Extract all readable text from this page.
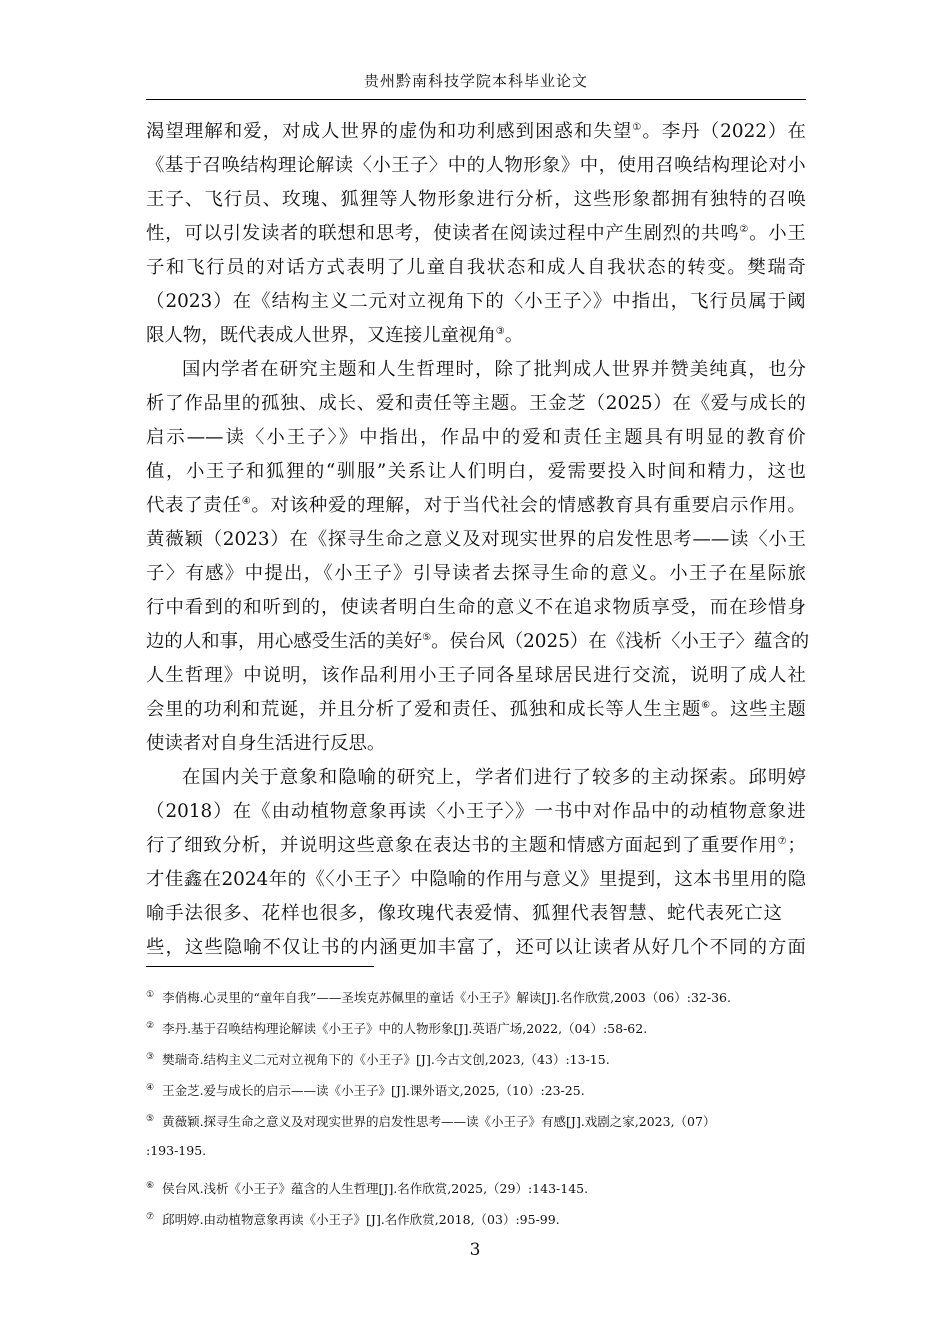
贵州黔南科技学院本科毕业论文
渴望理解和爱，对成人世界的虚伪和功利感到困惑和失望①。李丹（2022）在
《基于召唤结构理论解读〈小王子〉中的人物形象》中，使用召唤结构理论对小
王子、飞行员、玫瑰、狐狸等人物形象进行分析，这些形象都拥有独特的召唤
性，可以引发读者的联想和思考，使读者在阅读过程中产生剧烈的共鸣②。小王
子和飞行员的对话方式表明了儿童自我状态和成人自我状态的转变。樊瑞奇
（2023）在《结构主义二元对立视角下的〈小王子〉》中指出，飞行员属于阈
限人物，既代表成人世界，又连接儿童视角③。
国内学者在研究主题和人生哲理时，除了批判成人世界并赞美纯真，也分
析了作品里的孤独、成长、爱和责任等主题。王金芝（2025）在《爱与成长的
启示——读〈小王子〉》中指出，作品中的爱和责任主题具有明显的教育价
值，小王子和狐狸的“驯服”关系让人们明白，爱需要投入时间和精力，这也
代表了责任④。对该种爱的理解，对于当代社会的情感教育具有重要启示作用。
黄薇颖（2023）在《探寻生命之意义及对现实世界的启发性思考——读〈小王
子〉有感》中提出，《小王子》引导读者去探寻生命的意义。小王子在星际旅
行中看到的和听到的，使读者明白生命的意义不在追求物质享受，而在珍惜身
边的人和事，用心感受生活的美好⑤。侯台风（2025）在《浅析〈小王子〉蕴含的
人生哲理》中说明，该作品利用小王子同各星球居民进行交流，说明了成人社
会里的功利和荒诞，并且分析了爱和责任、孤独和成长等人生主题⑥。这些主题
使读者对自身生活进行反思。
在国内关于意象和隐喻的研究上，学者们进行了较多的主动探索。邱明婷
（2018）在《由动植物意象再读〈小王子〉》一书中对作品中的动植物意象进
行了细致分析，并说明这些意象在表达书的主题和情感方面起到了重要作用⑦；
才佳鑫在2024年的《〈小王子〉中隐喻的作用与意义》里提到，这本书里用的隐
喻手法很多、花样也很多，像玫瑰代表爱情、狐狸代表智慧、蛇代表死亡这
些，这些隐喻不仅让书的内涵更加丰富了，还可以让读者从好几个不同的方面
① 李俏梅.心灵里的“童年自我”——圣埃克苏佩里的童话《小王子》解读[J].名作欣赏,2003（06）:32-36.
② 李丹.基于召唤结构理论解读《小王子》中的人物形象[J].英语广场,2022,（04）:58-62.
③ 樊瑞奇.结构主义二元对立视角下的《小王子》[J].今古文创,2023,（43）:13-15.
④ 王金芝.爱与成长的启示——读《小王子》[J].课外语文,2025,（10）:23-25.
⑤ 黄薇颖.探寻生命之意义及对现实世界的启发性思考——读《小王子》有感[J].戏剧之家,2023,（07）
:193-195.
⑥ 侯台风.浅析《小王子》蕴含的人生哲理[J].名作欣赏,2025,（29）:143-145.
⑦ 邱明婷.由动植物意象再读《小王子》[J].名作欣赏,2018,（03）:95-99.
3
